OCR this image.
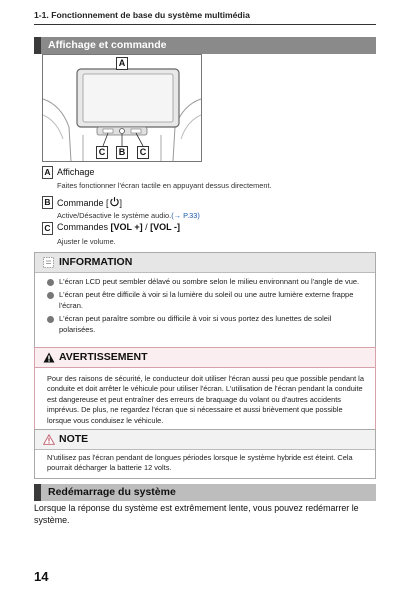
1-1. Fonctionnement de base du système multimédia
Affichage et commande
A
C	B	C
A Affichage
Faites fonctionner l'écran tactile en appuyant dessus directement.
B Commande [ ]
Active/Désactive le système audio.(→ P.33)
C Commandes [VOL +] / [VOL -]
Ajuster le volume.
INFORMATION
L'écran LCD peut sembler délavé ou sombre selon le milieu environnant ou l'angle de vue.
L'écran peut être difficile à voir si la lumière du soleil ou une autre lumière externe frappe l'écran.
L'écran peut paraître sombre ou difficile à voir si vous portez des lunettes de soleil polarisées.
AVERTISSEMENT
Pour des raisons de sécurité, le conducteur doit utiliser l'écran aussi peu que possible pendant la conduite et doit arrêter le véhicule pour utiliser l'écran. L'utilisation de l'écran pendant la conduite est dangereuse et peut entraîner des erreurs de braquage du volant ou d'autres accidents imprévus. De plus, ne regardez l'écran que si nécessaire et aussi brièvement que possible lorsque vous conduisez le véhicule.
NOTE
N'utilisez pas l'écran pendant de longues périodes lorsque le système hybride est éteint. Cela pourrait décharger la batterie 12 volts.
Redémarrage du système
Lorsque la réponse du système est extrêmement lente, vous pouvez redémarrer le système.
14
